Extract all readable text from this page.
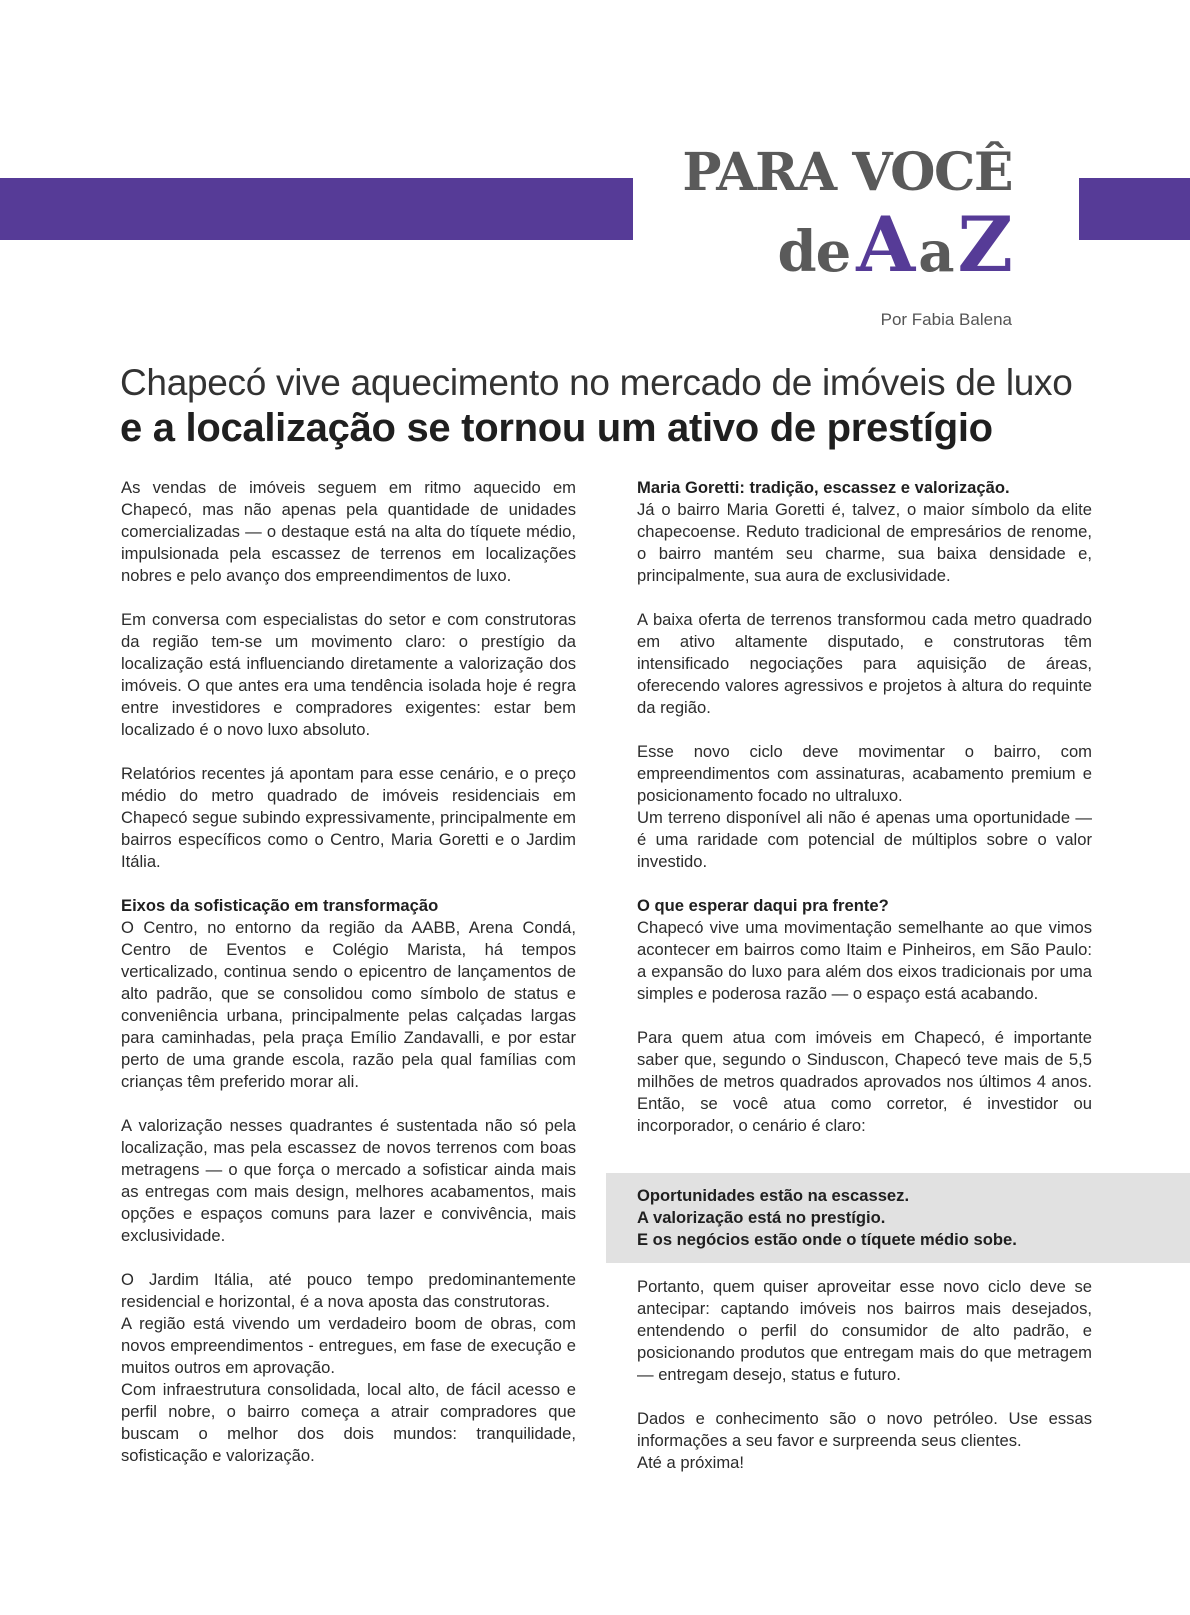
PARA VOCÊ
deAaZ
Por Fabia Balena
Chapecó vive aquecimento no mercado de imóveis de luxo
e a localização se tornou um ativo de prestígio

As vendas de imóveis seguem em ritmo aquecido em Chapecó, mas não apenas pela quantidade de unidades comercializadas — o destaque está na alta do tíquete médio, impulsionada pela escassez de terrenos em localizações nobres e pelo avanço dos empreendimentos de luxo.

Em conversa com especialistas do setor e com construtoras da região tem-se um movimento claro: o prestígio da localização está influenciando diretamente a valorização dos imóveis. O que antes era uma tendência isolada hoje é regra entre investidores e compradores exigentes: estar bem localizado é o novo luxo absoluto.

Relatórios recentes já apontam para esse cenário, e o preço médio do metro quadrado de imóveis residenciais em Chapecó segue subindo expressivamente, principalmente em bairros específicos como o Centro, Maria Goretti e o Jardim Itália.

Eixos da sofisticação em transformação
O Centro, no entorno da região da AABB, Arena Condá, Centro de Eventos e Colégio Marista, há tempos verticalizado, continua sendo o epicentro de lançamentos de alto padrão, que se consolidou como símbolo de status e conveniência urbana, principalmente pelas calçadas largas para caminhadas, pela praça Emílio Zandavalli, e por estar perto de uma grande escola, razão pela qual famílias com crianças têm preferido morar ali.

A valorização nesses quadrantes é sustentada não só pela localização, mas pela escassez de novos terrenos com boas metragens — o que força o mercado a sofisticar ainda mais as entregas com mais design, melhores acabamentos, mais opções e espaços comuns para lazer e convivência, mais exclusividade.

O Jardim Itália, até pouco tempo predominantemente residencial e horizontal, é a nova aposta das construtoras.
A região está vivendo um verdadeiro boom de obras, com novos empreendimentos - entregues, em fase de execução e muitos outros em aprovação.
Com infraestrutura consolidada, local alto, de fácil acesso e perfil nobre, o bairro começa a atrair compradores que buscam o melhor dos dois mundos: tranquilidade, sofisticação e valorização.

Maria Goretti: tradição, escassez e valorização.
Já o bairro Maria Goretti é, talvez, o maior símbolo da elite chapecoense. Reduto tradicional de empresários de renome, o bairro mantém seu charme, sua baixa densidade e, principalmente, sua aura de exclusividade.

A baixa oferta de terrenos transformou cada metro quadrado em ativo altamente disputado, e construtoras têm intensificado negociações para aquisição de áreas, oferecendo valores agressivos e projetos à altura do requinte da região.

Esse novo ciclo deve movimentar o bairro, com empreendimentos com assinaturas, acabamento premium e posicionamento focado no ultraluxo.
Um terreno disponível ali não é apenas uma oportunidade — é uma raridade com potencial de múltiplos sobre o valor investido.

O que esperar daqui pra frente?
Chapecó vive uma movimentação semelhante ao que vimos acontecer em bairros como Itaim e Pinheiros, em São Paulo: a expansão do luxo para além dos eixos tradicionais por uma simples e poderosa razão — o espaço está acabando.

Para quem atua com imóveis em Chapecó, é importante saber que, segundo o Sinduscon, Chapecó teve mais de 5,5 milhões de metros quadrados aprovados nos últimos 4 anos. Então, se você atua como corretor, é investidor ou incorporador, o cenário é claro:

Portanto, quem quiser aproveitar esse novo ciclo deve se antecipar: captando imóveis nos bairros mais desejados, entendendo o perfil do consumidor de alto padrão, e posicionando produtos que entregam mais do que metragem — entregam desejo, status e futuro.

Dados e conhecimento são o novo petróleo. Use essas informações a seu favor e surpreenda seus clientes.
Até a próxima!

Oportunidades estão na escassez.
A valorização está no prestígio.
E os negócios estão onde o tíquete médio sobe.
